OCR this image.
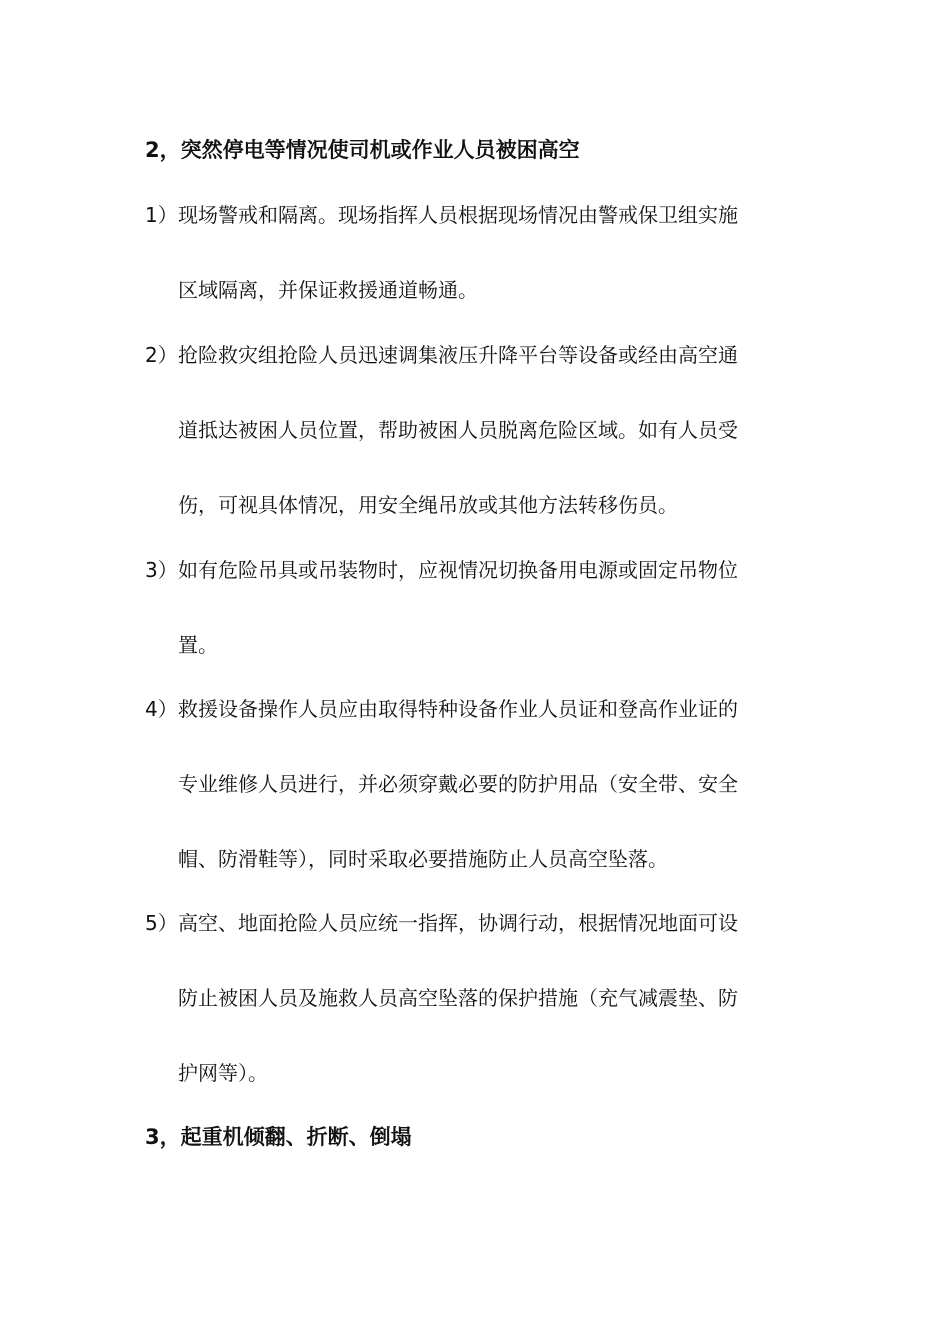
2，突然停电等情况使司机或作业人员被困高空
1） 现场警戒和隔离。现场指挥人员根据现场情况由警戒保卫组实施
区域隔离，并保证救援通道畅通。
2） 抢险救灾组抢险人员迅速调集液压升降平台等设备或经由高空通
道抵达被困人员位置，帮助被困人员脱离危险区域。如有人员受
伤，可视具体情况，用安全绳吊放或其他方法转移伤员。
3） 如有危险吊具或吊装物时，应视情况切换备用电源或固定吊物位
置。
4） 救援设备操作人员应由取得特种设备作业人员证和登高作业证的
专业维修人员进行，并必须穿戴必要的防护用品（安全带、安全
帽、防滑鞋等），同时采取必要措施防止人员高空坠落。
5） 高空、地面抢险人员应统一指挥，协调行动，根据情况地面可设
防止被困人员及施救人员高空坠落的保护措施（充气减震垫、防
护网等）。
3，起重机倾翻、折断、倒塌
